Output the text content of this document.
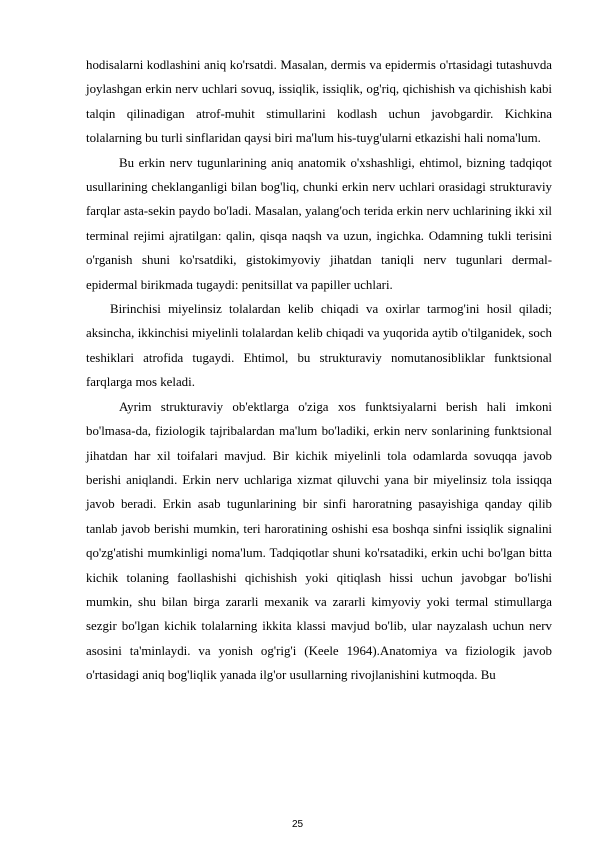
hodisalarni kodlashini aniq ko'rsatdi. Masalan, dermis va epidermis o'rtasidagi tutashuvda joylashgan erkin nerv uchlari sovuq, issiqlik, issiqlik, og'riq, qichishish va qichishish kabi talqin qilinadigan atrof-muhit stimullarini kodlash uchun javobgardir. Kichkina tolalarning bu turli sinflaridan qaysi biri ma'lum his-tuyg'ularni etkazishi hali noma'lum.

Bu erkin nerv tugunlarining aniq anatomik o'xshashligi, ehtimol, bizning tadqiqot usullarining cheklanganligi bilan bog'liq, chunki erkin nerv uchlari orasidagi strukturaviy farqlar asta-sekin paydo bo'ladi. Masalan, yalang'och terida erkin nerv uchlarining ikki xil terminal rejimi ajratilgan: qalin, qisqa naqsh va uzun, ingichka. Odamning tukli terisini o'rganish shuni ko'rsatdiki, gistokimyoviy jihatdan taniqli nerv tugunlari dermal-epidermal birikmada tugaydi: penitsillat va papiller uchlari.

Birinchisi miyelinsiz tolalardan kelib chiqadi va oxirlar tarmog'ini hosil qiladi; aksincha, ikkinchisi miyelinli tolalardan kelib chiqadi va yuqorida aytib o'tilganidek, soch teshiklari atrofida tugaydi. Ehtimol, bu strukturaviy nomutanosibliklar funktsional farqlarga mos keladi.

Ayrim strukturaviy ob'ektlarga o'ziga xos funktsiyalarni berish hali imkoni bo'lmasa-da, fiziologik tajribalardan ma'lum bo'ladiki, erkin nerv sonlarining funktsional jihatdan har xil toifalari mavjud. Bir kichik miyelinli tola odamlarda sovuqqa javob berishi aniqlandi. Erkin nerv uchlariga xizmat qiluvchi yana bir miyelinsiz tola issiqqa javob beradi. Erkin asab tugunlarining bir sinfi haroratning pasayishiga qanday qilib tanlab javob berishi mumkin, teri haroratining oshishi esa boshqa sinfni issiqlik signalini qo'zg'atishi mumkinligi noma'lum. Tadqiqotlar shuni ko'rsatadiki, erkin uchi bo'lgan bitta kichik tolaning faollashishi qichishish yoki qitiqlash hissi uchun javobgar bo'lishi mumkin, shu bilan birga zararli mexanik va zararli kimyoviy yoki termal stimullarga sezgir bo'lgan kichik tolalarning ikkita klassi mavjud bo'lib, ular nayzalash uchun nerv asosini ta'minlaydi. va yonish og'rig'i (Keele 1964).Anatomiya va fiziologik javob o'rtasidagi aniq bog'liqlik yanada ilg'or usullarning rivojlanishini kutmoqda. Bu

25
